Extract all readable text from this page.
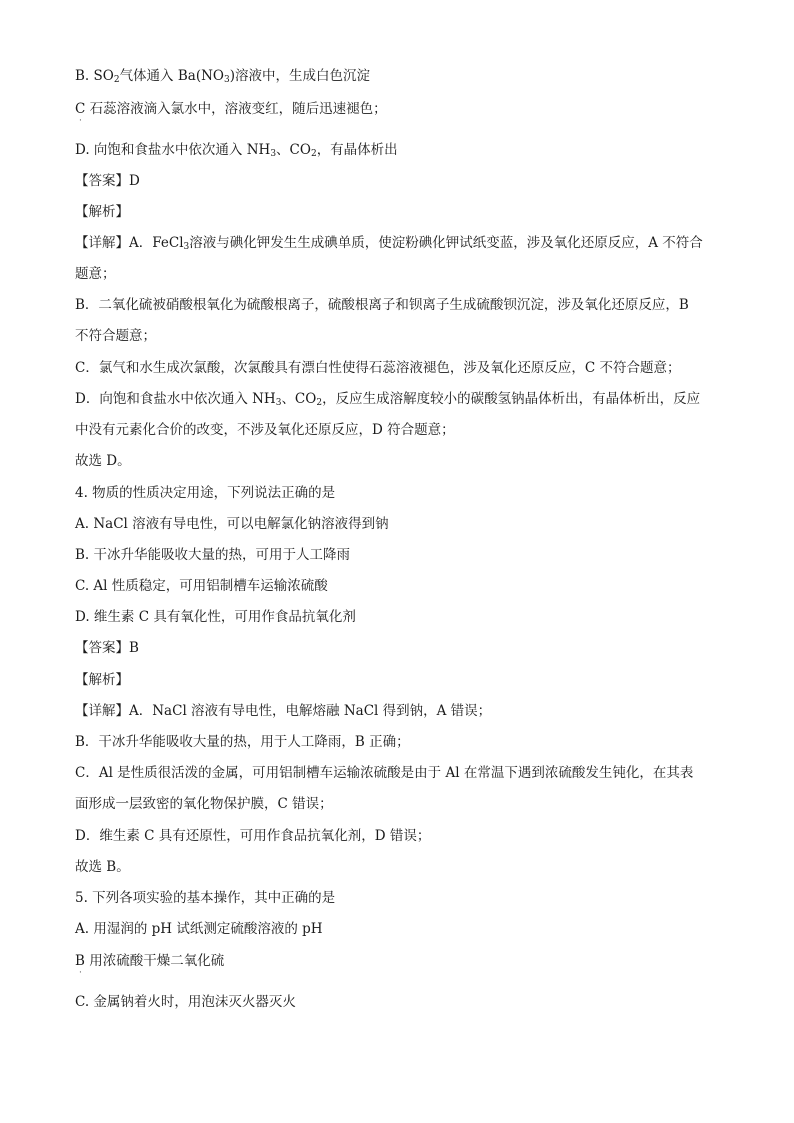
B. $SO_2$气体通入 $Ba(NO_3)$溶液中，生成白色沉淀
C 石蕊溶液滴入氯水中，溶液变红，随后迅速褪色；
·
D. 向饱和食盐水中依次通入 $NH_3$、$CO_2$，有晶体析出
【答案】D
【解析】
【详解】A．FeCl$_3$溶液与碘化钾发生生成碘单质，使淀粉碘化钾试纸变蓝，涉及氧化还原反应，A 不符合
题意；
B．二氧化硫被硝酸根氧化为硫酸根离子，硫酸根离子和钡离子生成硫酸钡沉淀，涉及氧化还原反应，B
不符合题意；
C．氯气和水生成次氯酸，次氯酸具有漂白性使得石蕊溶液褪色，涉及氧化还原反应，C 不符合题意；
D．向饱和食盐水中依次通入 $NH_3$、$CO_2$，反应生成溶解度较小的碳酸氢钠晶体析出，有晶体析出，反应
中没有元素化合价的改变，不涉及氧化还原反应，D 符合题意；
故选 D。
4. 物质的性质决定用途，下列说法正确的是
A. NaCl 溶液有导电性，可以电解氯化钠溶液得到钠
B. 干冰升华能吸收大量的热，可用于人工降雨
C. Al 性质稳定，可用铝制槽车运输浓硫酸
D. 维生素 C 具有氧化性，可用作食品抗氧化剂
【答案】B
【解析】
【详解】A．NaCl 溶液有导电性，电解熔融 NaCl 得到钠，A 错误；
B．干冰升华能吸收大量的热，用于人工降雨，B 正确；
C．Al 是性质很活泼的金属，可用铝制槽车运输浓硫酸是由于 Al 在常温下遇到浓硫酸发生钝化，在其表
面形成一层致密的氧化物保护膜，C 错误；
D．维生素 C 具有还原性，可用作食品抗氧化剂，D 错误；
故选 B。
5. 下列各项实验的基本操作，其中正确的是
A. 用湿润的 pH 试纸测定硫酸溶液的 pH
B 用浓硫酸干燥二氧化硫
·
C. 金属钠着火时，用泡沫灭火器灭火
